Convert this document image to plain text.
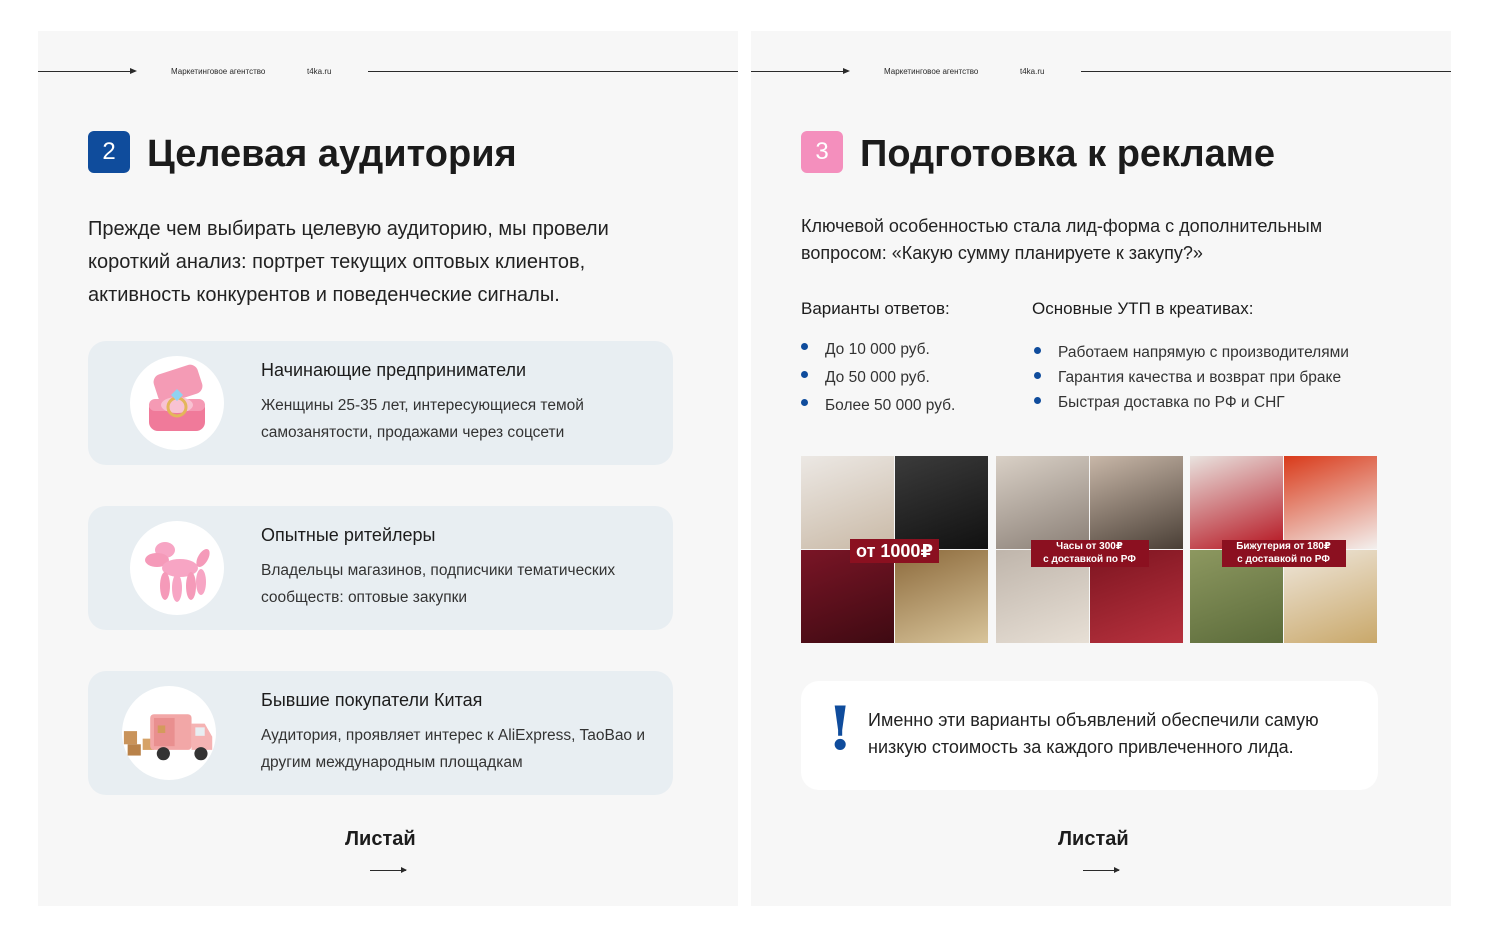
Маркетинговое агентство	t4ka.ru
2 Целевая аудитория

Прежде чем выбирать целевую аудиторию, мы провели короткий анализ: портрет текущих оптовых клиентов, активность конкурентов и поведенческие сигналы.

Начинающие предприниматели
Женщины 25-35 лет, интересующиеся темой самозанятости, продажами через соцсети
Опытные ритейлеры
Владельцы магазинов, подписчики тематических сообществ: оптовые закупки
Бывшие покупатели Китая
Аудитория, проявляет интерес к AliExpress, TaoBao и другим международным площадкам
Листай
Маркетинговое агентство	t4ka.ru
3 Подготовка к рекламе

Ключевой особенностью стала лид-форма с дополнительным вопросом: «Какую сумму планируете к закупу?»

Варианты ответов:
До 10 000 руб.
До 50 000 руб.
Более 50 000 руб.
Основные УТП в креативах:
Работаем напрямую с производителями
Гарантия качества и возврат при браке
Быстрая доставка по РФ и СНГ
от 1000₽	Часы от 300₽
с доставкой по РФ
Бижутерия от 180₽
с доставкой по РФ
! Именно эти варианты объявлений обеспечили самую низкую стоимость за каждого привлеченного лида.

Листай
